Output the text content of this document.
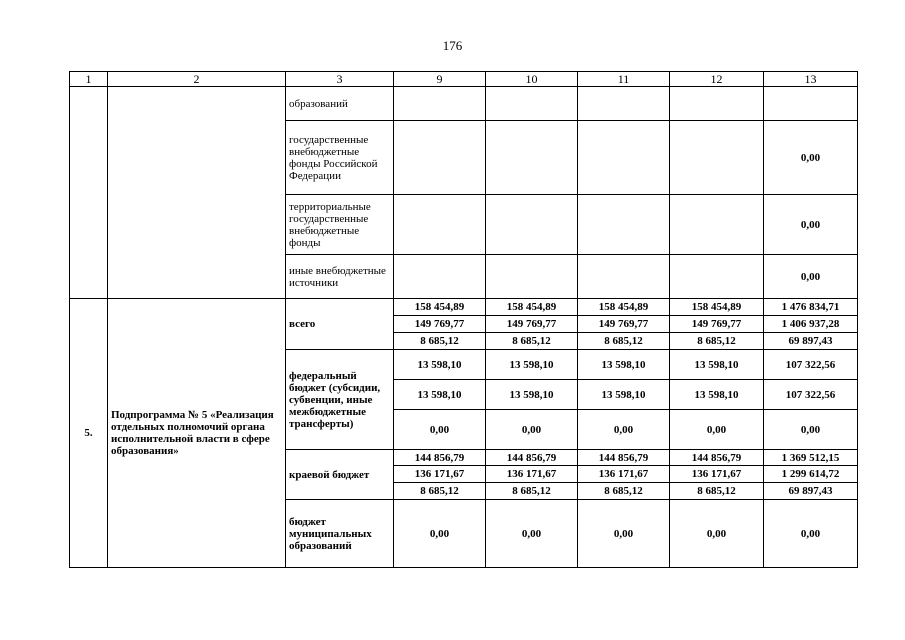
176
1	2	3	9	10	11	12	13
		образований					
		государственные внебюджетные фонды Российской Федерации					0,00
		территориальные государственные внебюджетные фонды					0,00
		иные внебюджетные источники					0,00
5.	Подпрограмма № 5 «Реализация отдельных полномочий органа исполнительной власти в сфере образования»	всего	158 454,89	158 454,89	158 454,89	158 454,89	1 476 834,71
			149 769,77	149 769,77	149 769,77	149 769,77	1 406 937,28
			8 685,12	8 685,12	8 685,12	8 685,12	69 897,43
		федеральный бюджет (субсидии, субвенции, иные межбюджетные трансферты)	13 598,10	13 598,10	13 598,10	13 598,10	107 322,56
			13 598,10	13 598,10	13 598,10	13 598,10	107 322,56
			0,00	0,00	0,00	0,00	0,00
		краевой бюджет	144 856,79	144 856,79	144 856,79	144 856,79	1 369 512,15
			136 171,67	136 171,67	136 171,67	136 171,67	1 299 614,72
			8 685,12	8 685,12	8 685,12	8 685,12	69 897,43
		бюджет муниципальных образований	0,00	0,00	0,00	0,00	0,00
